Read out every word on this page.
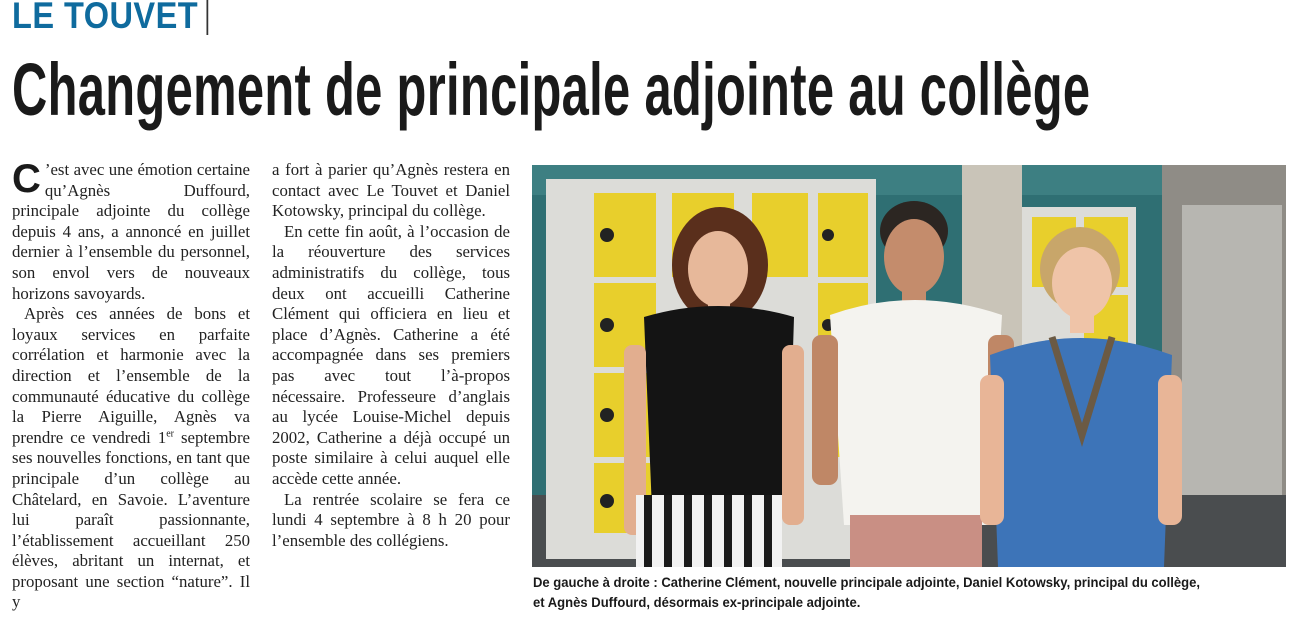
LE TOUVET
Changement de principale adjointe au collège

C ’est avec une émotion certaine qu’Agnès Duffourd, principale adjointe du collège depuis 4 ans, a annoncé en juillet dernier à l’ensemble du personnel, son envol vers de nouveaux horizons savoyards.

Après ces années de bons et loyaux services en parfaite corrélation et harmonie avec la direction et l’ensemble de la communauté éducative du collège la Pierre Aiguille, Agnès va prendre ce vendredi 1er septembre ses nouvelles fonctions, en tant que principale d’un collège au Châtelard, en Savoie. L’aventure lui paraît passionnante, l’établissement accueillant 250 élèves, abritant un internat, et proposant une section “nature”. Il y

a fort à parier qu’Agnès restera en contact avec Le Touvet et Daniel Kotowsky, principal du collège.

En cette fin août, à l’occasion de la réouverture des services administratifs du collège, tous deux ont accueilli Catherine Clément qui officiera en lieu et place d’Agnès. Catherine a été accompagnée dans ses premiers pas avec tout l’à-propos nécessaire. Professeure d’anglais au lycée Louise-Michel depuis 2002, Catherine a déjà occupé un poste similaire à celui auquel elle accède cette année.

La rentrée scolaire se fera ce lundi 4 septembre à 8 h 20 pour l’ensemble des collégiens.

De gauche à droite : Catherine Clément, nouvelle principale adjointe, Daniel Kotowsky, principal du collège,
et Agnès Duffourd, désormais ex-principale adjointe.
